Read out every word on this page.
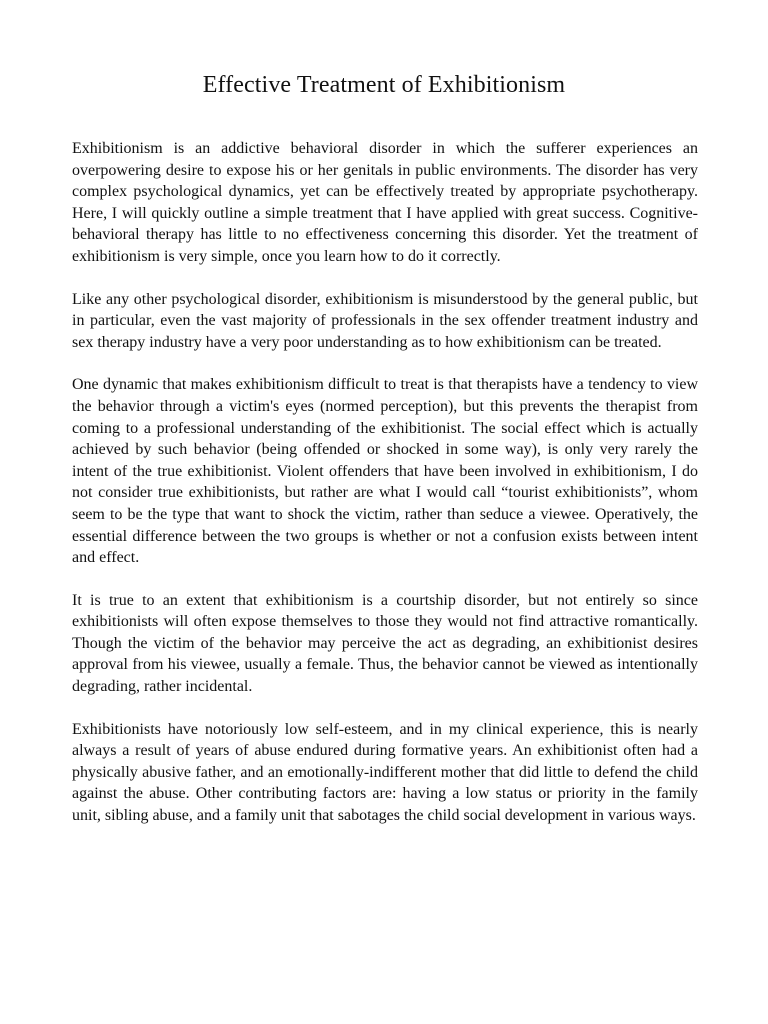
Effective Treatment of Exhibitionism

Exhibitionism is an addictive behavioral disorder in which the sufferer experiences an overpowering desire to expose his or her genitals in public environments. The disorder has very complex psychological dynamics, yet can be effectively treated by appropriate psychotherapy. Here, I will quickly outline a simple treatment that I have applied with great success. Cognitive-behavioral therapy has little to no effectiveness concerning this disorder. Yet the treatment of exhibitionism is very simple, once you learn how to do it correctly.

Like any other psychological disorder, exhibitionism is misunderstood by the general public, but in particular, even the vast majority of professionals in the sex offender treatment industry and sex therapy industry have a very poor understanding as to how exhibitionism can be treated.

One dynamic that makes exhibitionism difficult to treat is that therapists have a tendency to view the behavior through a victim's eyes (normed perception), but this prevents the therapist from coming to a professional understanding of the exhibitionist. The social effect which is actually achieved by such behavior (being offended or shocked in some way), is only very rarely the intent of the true exhibitionist. Violent offenders that have been involved in exhibitionism, I do not consider true exhibitionists, but rather are what I would call “tourist exhibitionists”, whom seem to be the type that want to shock the victim, rather than seduce a viewee. Operatively, the essential difference between the two groups is whether or not a confusion exists between intent and effect.

It is true to an extent that exhibitionism is a courtship disorder, but not entirely so since exhibitionists will often expose themselves to those they would not find attractive romantically. Though the victim of the behavior may perceive the act as degrading, an exhibitionist desires approval from his viewee, usually a female. Thus, the behavior cannot be viewed as intentionally degrading, rather incidental.

Exhibitionists have notoriously low self-esteem, and in my clinical experience, this is nearly always a result of years of abuse endured during formative years. An exhibitionist often had a physically abusive father, and an emotionally-indifferent mother that did little to defend the child against the abuse. Other contributing factors are: having a low status or priority in the family unit, sibling abuse, and a family unit that sabotages the child social development in various ways.
